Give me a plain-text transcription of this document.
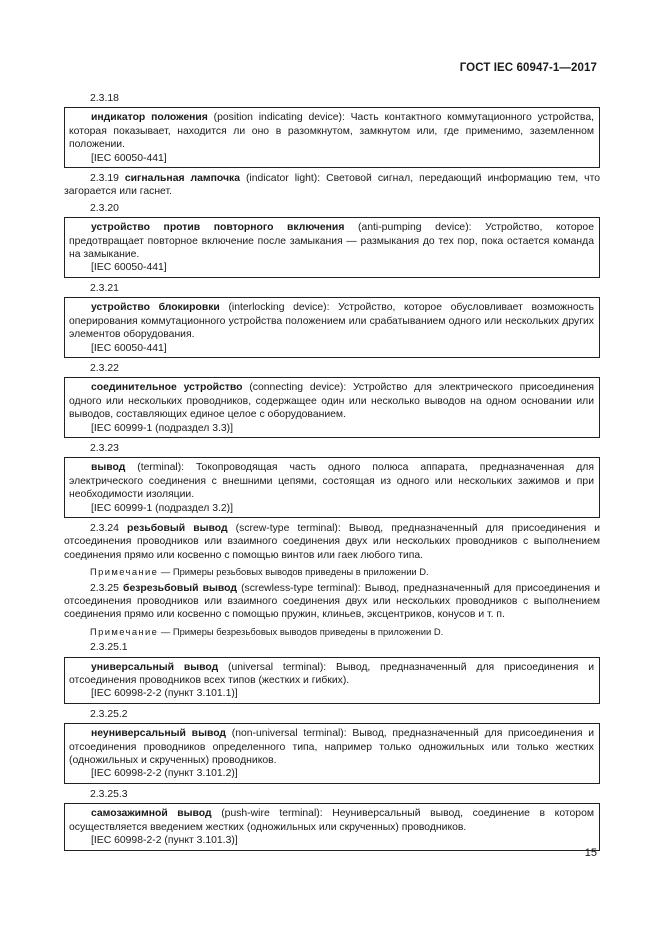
ГОСТ IEC 60947-1—2017
2.3.18

индикатор положения (position indicating device): Часть контактного коммутационного устройства, которая показывает, находится ли оно в разомкнутом, замкнутом или, где применимо, заземленном положении.

[IEC 60050-441]

2.3.19 сигнальная лампочка (indicator light): Световой сигнал, передающий информацию тем, что загорается или гаснет.

2.3.20

устройство против повторного включения (anti-pumping device): Устройство, которое предотвращает повторное включение после замыкания — размыкания до тех пор, пока остается команда на замыкание.

[IEC 60050-441]

2.3.21

устройство блокировки (interlocking device): Устройство, которое обусловливает возможность оперирования коммутационного устройства положением или срабатыванием одного или нескольких других элементов оборудования.

[IEC 60050-441]

2.3.22

соединительное устройство (connecting device): Устройство для электрического присоединения одного или нескольких проводников, содержащее один или несколько выводов на одном основании или выводов, составляющих единое целое с оборудованием.

[IEC 60999-1 (подраздел 3.3)]

2.3.23

вывод (terminal): Токопроводящая часть одного полюса аппарата, предназначенная для электрического соединения с внешними цепями, состоящая из одного или нескольких зажимов и при необходимости изоляции.

[IEC 60999-1 (подраздел 3.2)]

2.3.24 резьбовый вывод (screw-type terminal): Вывод, предназначенный для присоединения и отсоединения проводников или взаимного соединения двух или нескольких проводников с выполнением соединения прямо или косвенно с помощью винтов или гаек любого типа.

Примечание — Примеры резьбовых выводов приведены в приложении D.

2.3.25 безрезьбовый вывод (screwless-type terminal): Вывод, предназначенный для присоединения и отсоединения проводников или взаимного соединения двух или нескольких проводников с выполнением соединения прямо или косвенно с помощью пружин, клиньев, эксцентриков, конусов и т. п.

Примечание — Примеры безрезьбовых выводов приведены в приложении D.
2.3.25.1

универсальный вывод (universal terminal): Вывод, предназначенный для присоединения и отсоединения проводников всех типов (жестких и гибких).

[IEC 60998-2-2 (пункт 3.101.1)]

2.3.25.2

неуниверсальный вывод (non-universal terminal): Вывод, предназначенный для присоединения и отсоединения проводников определенного типа, например только одножильных или только жестких (одножильных и скрученных) проводников.

[IEC 60998-2-2 (пункт 3.101.2)]

2.3.25.3

самозажимной вывод (push-wire terminal): Неуниверсальный вывод, соединение в котором осуществляется введением жестких (одножильных или скрученных) проводников.

[IEC 60998-2-2 (пункт 3.101.3)]

15
